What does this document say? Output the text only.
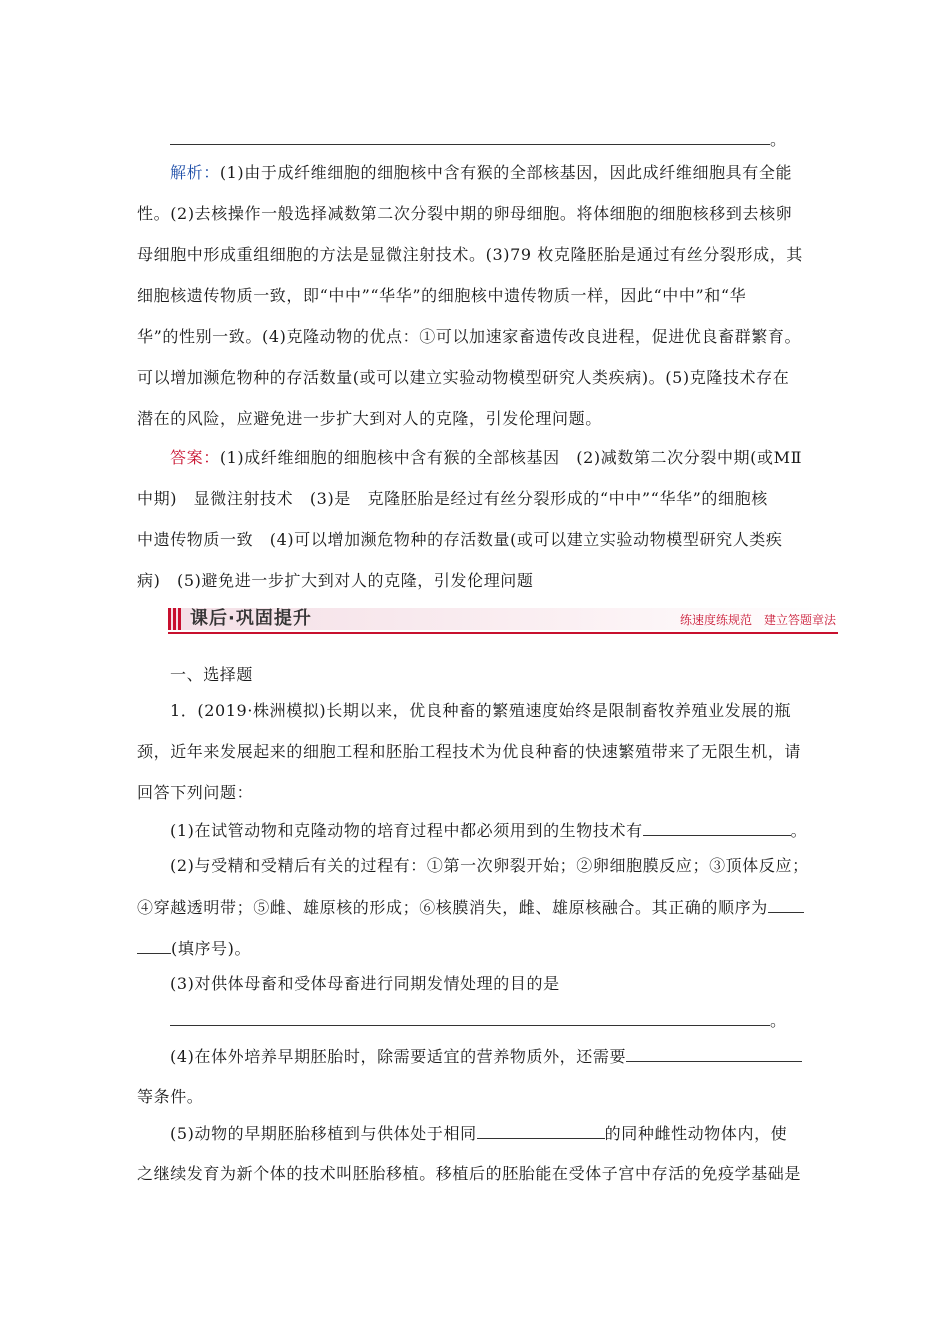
。
解析：(1)由于成纤维细胞的细胞核中含有猴的全部核基因，因此成纤维细胞具有全能
性。(2)去核操作一般选择减数第二次分裂中期的卵母细胞。将体细胞的细胞核移到去核卵
母细胞中形成重组细胞的方法是显微注射技术。(3)79 枚克隆胚胎是通过有丝分裂形成，其
细胞核遗传物质一致，即“中中”“华华”的细胞核中遗传物质一样，因此“中中”和“华
华”的性别一致。(4)克隆动物的优点：①可以加速家畜遗传改良进程，促进优良畜群繁育。
可以增加濒危物种的存活数量(或可以建立实验动物模型研究人类疾病)。(5)克隆技术存在
潜在的风险，应避免进一步扩大到对人的克隆，引发伦理问题。
答案：(1)成纤维细胞的细胞核中含有猴的全部核基因　(2)减数第二次分裂中期(或MⅡ
中期)　显微注射技术　(3)是　克隆胚胎是经过有丝分裂形成的“中中”“华华”的细胞核
中遗传物质一致　(4)可以增加濒危物种的存活数量(或可以建立实验动物模型研究人类疾
病)　(5)避免进一步扩大到对人的克隆，引发伦理问题
课后·巩固提升	练速度练规范　建立答题章法
一、选择题
1．(2019·株洲模拟)长期以来，优良种畜的繁殖速度始终是限制畜牧养殖业发展的瓶
颈，近年来发展起来的细胞工程和胚胎工程技术为优良种畜的快速繁殖带来了无限生机，请
回答下列问题：
(1)在试管动物和克隆动物的培育过程中都必须用到的生物技术有	。
(2)与受精和受精后有关的过程有：①第一次卵裂开始；②卵细胞膜反应；③顶体反应；
④穿越透明带；⑤雌、雄原核的形成；⑥核膜消失，雌、雄原核融合。其正确的顺序为
(填序号)。
(3)对供体母畜和受体母畜进行同期发情处理的目的是
。
(4)在体外培养早期胚胎时，除需要适宜的营养物质外，还需要
等条件。
(5)动物的早期胚胎移植到与供体处于相同	的同种雌性动物体内，使
之继续发育为新个体的技术叫胚胎移植。移植后的胚胎能在受体子宫中存活的免疫学基础是
